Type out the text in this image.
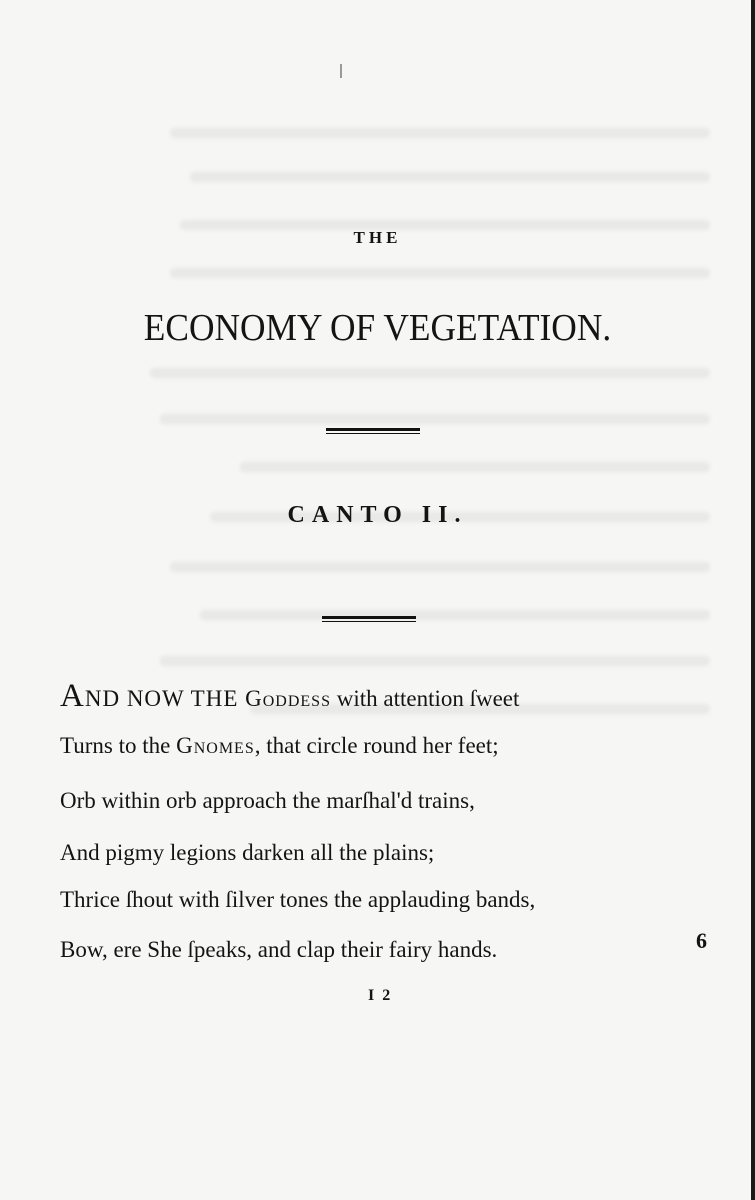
THE
ECONOMY OF VEGETATION.
CANTO II.
AND NOW THE Goddess with attention ſweet
Turns to the Gnomes, that circle round her feet;
Orb within orb approach the marſhal'd trains,
And pigmy legions darken all the plains;
Thrice ſhout with ſilver tones the applauding bands,
Bow, ere She ſpeaks, and clap their fairy hands.	6
I 2
